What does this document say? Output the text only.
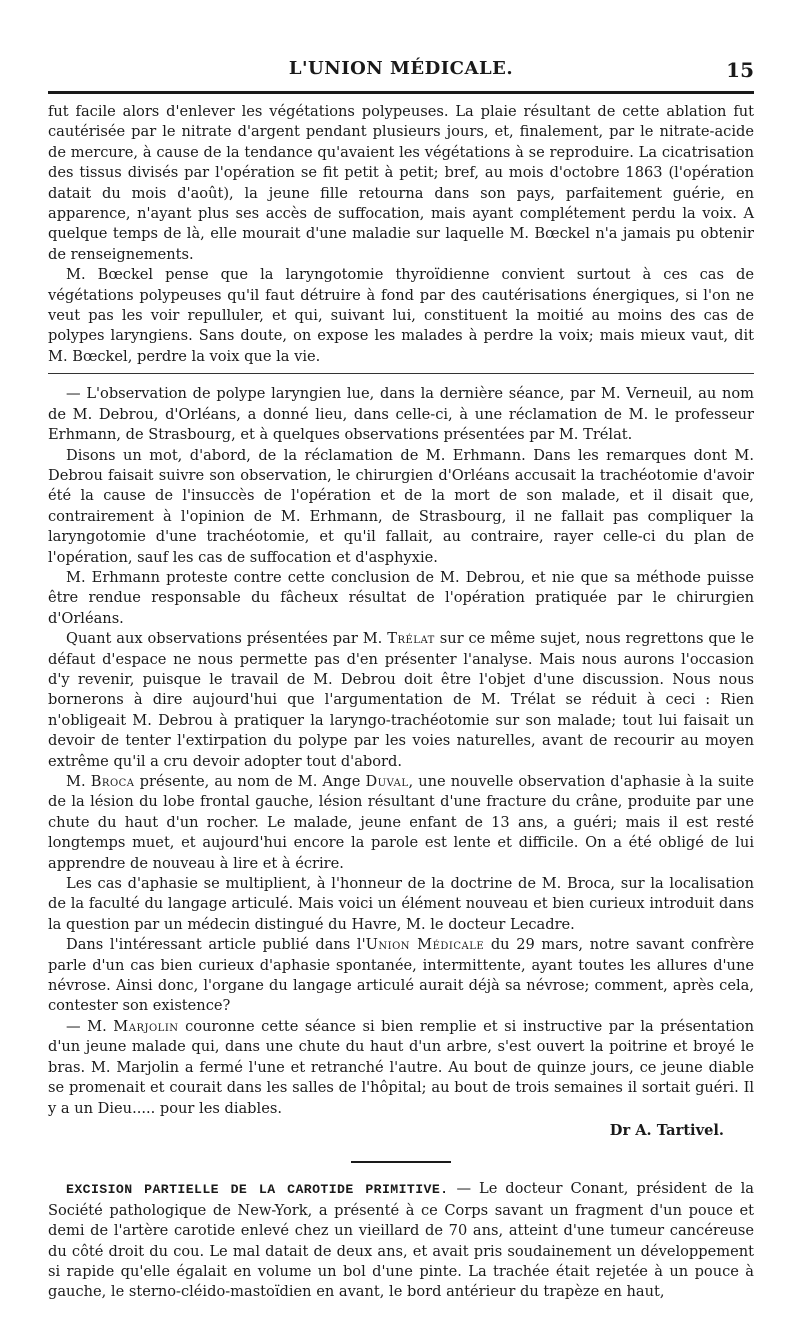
L'UNION MÉDICALE.	15

fut facile alors d'enlever les végétations polypeuses. La plaie résultant de cette ablation fut cautérisée par le nitrate d'argent pendant plusieurs jours, et, finalement, par le nitrate-acide de mercure, à cause de la tendance qu'avaient les végétations à se reproduire. La cicatrisation des tissus divisés par l'opération se fit petit à petit; bref, au mois d'octobre 1863 (l'opération datait du mois d'août), la jeune fille retourna dans son pays, parfaitement guérie, en apparence, n'ayant plus ses accès de suffocation, mais ayant complétement perdu la voix. A quelque temps de là, elle mourait d'une maladie sur laquelle M. Bœckel n'a jamais pu obtenir de renseignements.

M. Bœckel pense que la laryngotomie thyroïdienne convient surtout à ces cas de végétations polypeuses qu'il faut détruire à fond par des cautérisations énergiques, si l'on ne veut pas les voir repulluler, et qui, suivant lui, constituent la moitié au moins des cas de polypes laryngiens. Sans doute, on expose les malades à perdre la voix; mais mieux vaut, dit M. Bœckel, perdre la voix que la vie.

— L'observation de polype laryngien lue, dans la dernière séance, par M. Verneuil, au nom de M. Debrou, d'Orléans, a donné lieu, dans celle-ci, à une réclamation de M. le professeur Erhmann, de Strasbourg, et à quelques observations présentées par M. Trélat.

Disons un mot, d'abord, de la réclamation de M. Erhmann. Dans les remarques dont M. Debrou faisait suivre son observation, le chirurgien d'Orléans accusait la trachéotomie d'avoir été la cause de l'insuccès de l'opération et de la mort de son malade, et il disait que, contrairement à l'opinion de M. Erhmann, de Strasbourg, il ne fallait pas compliquer la laryngotomie d'une trachéotomie, et qu'il fallait, au contraire, rayer celle-ci du plan de l'opération, sauf les cas de suffocation et d'asphyxie.

M. Erhmann proteste contre cette conclusion de M. Debrou, et nie que sa méthode puisse être rendue responsable du fâcheux résultat de l'opération pratiquée par le chirurgien d'Orléans.

Quant aux observations présentées par M. Trélat sur ce même sujet, nous regrettons que le défaut d'espace ne nous permette pas d'en présenter l'analyse. Mais nous aurons l'occasion d'y revenir, puisque le travail de M. Debrou doit être l'objet d'une discussion. Nous nous bornerons à dire aujourd'hui que l'argumentation de M. Trélat se réduit à ceci : Rien n'obligeait M. Debrou à pratiquer la laryngo-trachéotomie sur son malade; tout lui faisait un devoir de tenter l'extirpation du polype par les voies naturelles, avant de recourir au moyen extrême qu'il a cru devoir adopter tout d'abord.

M. Broca présente, au nom de M. Ange Duval, une nouvelle observation d'aphasie à la suite de la lésion du lobe frontal gauche, lésion résultant d'une fracture du crâne, produite par une chute du haut d'un rocher. Le malade, jeune enfant de 13 ans, a guéri; mais il est resté longtemps muet, et aujourd'hui encore la parole est lente et difficile. On a été obligé de lui apprendre de nouveau à lire et à écrire.

Les cas d'aphasie se multiplient, à l'honneur de la doctrine de M. Broca, sur la localisation de la faculté du langage articulé. Mais voici un élément nouveau et bien curieux introduit dans la question par un médecin distingué du Havre, M. le docteur Lecadre.

Dans l'intéressant article publié dans l'Union Médicale du 29 mars, notre savant confrère parle d'un cas bien curieux d'aphasie spontanée, intermittente, ayant toutes les allures d'une névrose. Ainsi donc, l'organe du langage articulé aurait déjà sa névrose; comment, après cela, contester son existence?

— M. Marjolin couronne cette séance si bien remplie et si instructive par la présentation d'un jeune malade qui, dans une chute du haut d'un arbre, s'est ouvert la poitrine et broyé le bras. M. Marjolin a fermé l'une et retranché l'autre. Au bout de quinze jours, ce jeune diable se promenait et courait dans les salles de l'hôpital; au bout de trois semaines il sortait guéri. Il y a un Dieu..... pour les diables.

Dr A. Tartivel.

EXCISION PARTIELLE DE LA CAROTIDE PRIMITIVE. — Le docteur Conant, président de la Société pathologique de New-York, a présenté à ce Corps savant un fragment d'un pouce et demi de l'artère carotide enlevé chez un vieillard de 70 ans, atteint d'une tumeur cancéreuse du côté droit du cou. Le mal datait de deux ans, et avait pris soudainement un développement si rapide qu'elle égalait en volume un bol d'une pinte. La trachée était rejetée à un pouce à gauche, le sterno-cléido-mastoïdien en avant, le bord antérieur du trapèze en haut,
